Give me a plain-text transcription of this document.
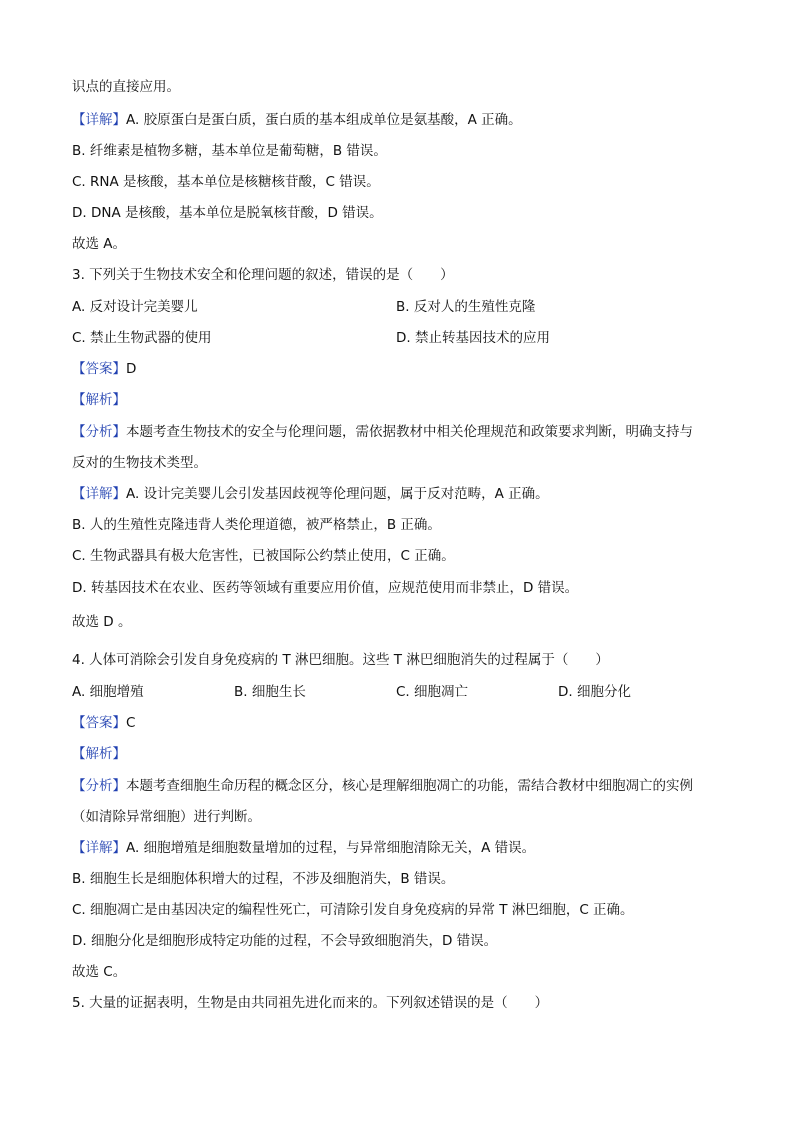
识点的直接应用。
【详解】A. 胶原蛋白是蛋白质，蛋白质的基本组成单位是氨基酸，A 正确。
B. 纤维素是植物多糖，基本单位是葡萄糖，B 错误。
C. RNA 是核酸，基本单位是核糖核苷酸，C 错误。
D. DNA 是核酸，基本单位是脱氧核苷酸，D 错误。
故选 A。
3. 下列关于生物技术安全和伦理问题的叙述，错误的是（　　）
A. 反对设计完美婴儿	B. 反对人的生殖性克隆
C. 禁止生物武器的使用	D. 禁止转基因技术的应用
【答案】D
【解析】
【分析】本题考查生物技术的安全与伦理问题，需依据教材中相关伦理规范和政策要求判断，明确支持与
反对的生物技术类型。
【详解】A. 设计完美婴儿会引发基因歧视等伦理问题，属于反对范畴，A 正确。
B. 人的生殖性克隆违背人类伦理道德，被严格禁止，B 正确。
C. 生物武器具有极大危害性，已被国际公约禁止使用，C 正确。
D. 转基因技术在农业、医药等领域有重要应用价值，应规范使用而非禁止，D 错误。
故选 D 。
4. 人体可消除会引发自身免疫病的 T 淋巴细胞。这些 T 淋巴细胞消失的过程属于（　　）
A. 细胞增殖	B. 细胞生长	C. 细胞凋亡	D. 细胞分化
【答案】C
【解析】
【分析】本题考查细胞生命历程的概念区分，核心是理解细胞凋亡的功能，需结合教材中细胞凋亡的实例
（如清除异常细胞）进行判断。
【详解】A. 细胞增殖是细胞数量增加的过程，与异常细胞清除无关，A 错误。
B. 细胞生长是细胞体积增大的过程，不涉及细胞消失，B 错误。
C. 细胞凋亡是由基因决定的编程性死亡，可清除引发自身免疫病的异常 T 淋巴细胞，C 正确。
D. 细胞分化是细胞形成特定功能的过程，不会导致细胞消失，D 错误。
故选 C。
5. 大量的证据表明，生物是由共同祖先进化而来的。下列叙述错误的是（　　）
